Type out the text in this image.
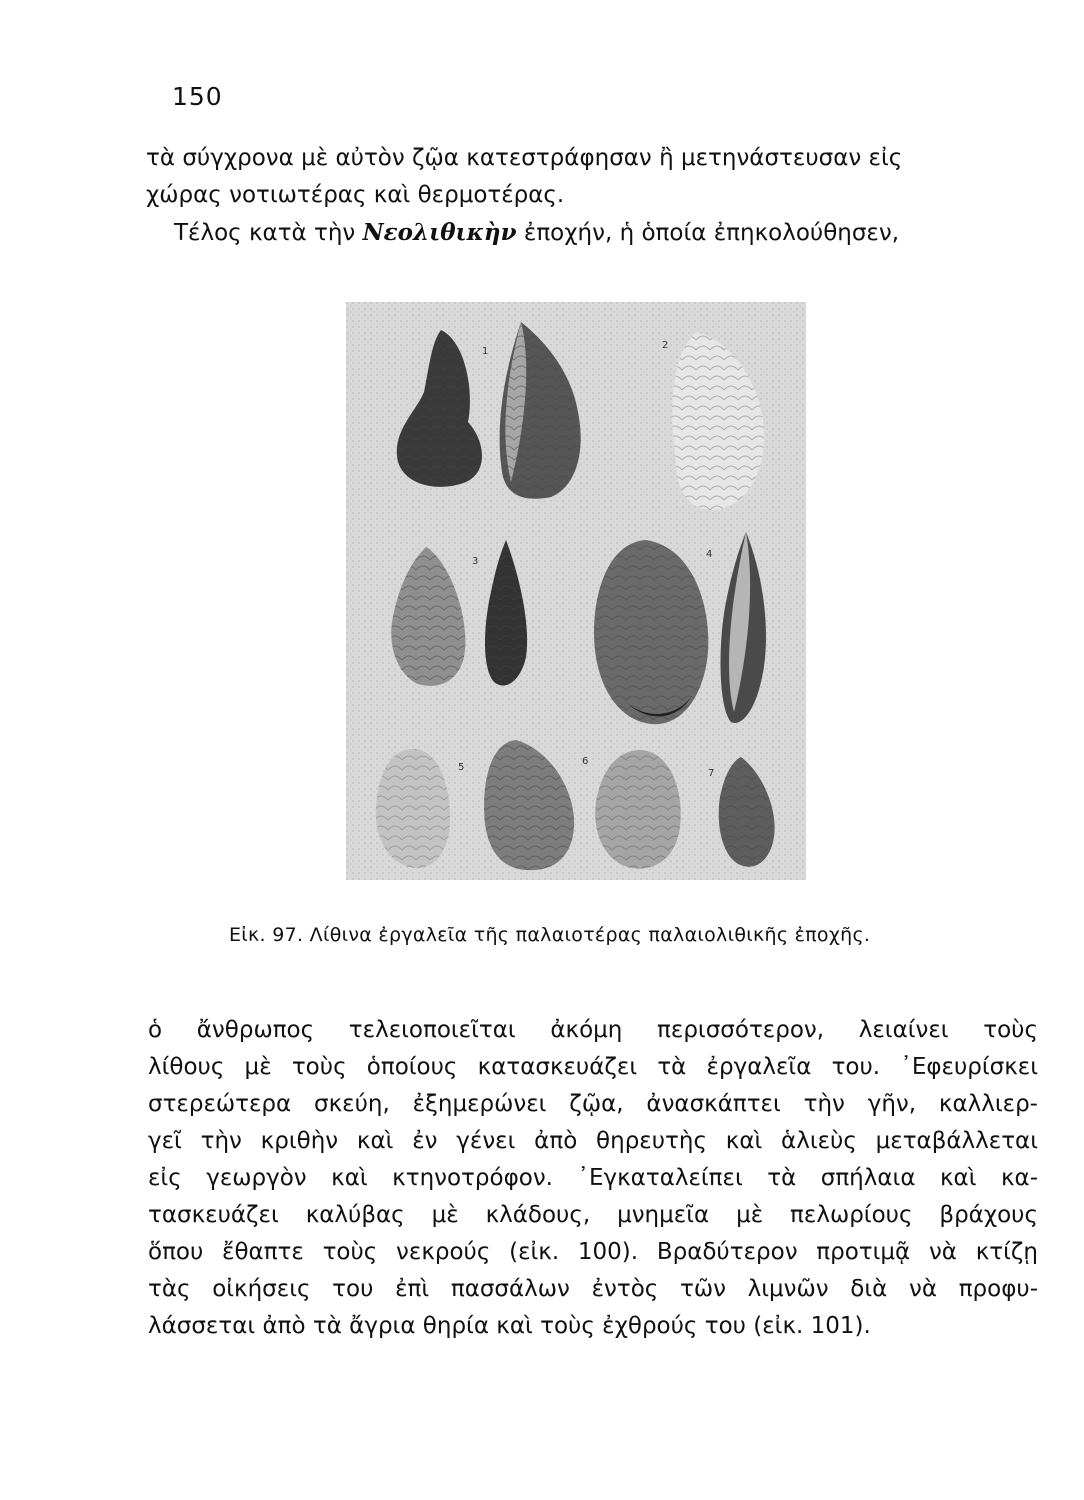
150
τὰ σύγχρονα μὲ αὐτὸν ζῷα κατεστράφησαν ἢ μετηνάστευσαν εἰς
χώρας νοτιωτέρας καὶ θερμοτέρας.
Τέλος κατὰ τὴν Νεολιθικὴν ἐποχήν, ἡ ὁποία ἐπηκολούθησεν,
1
2
3
4
5
6
7
Εἰκ. 97. Λίθινα ἐργαλεῖα τῆς παλαιοτέρας παλαιολιθικῆς ἐποχῆς.
ὁ ἄνθρωπος τελειοποιεῖται ἀκόμη περισσότερον, λειαίνει τοὺς
λίθους μὲ τοὺς ὁποίους κατασκευάζει τὰ ἐργαλεῖα του. ᾿Εφευρίσκει
στερεώτερα σκεύη, ἐξημερώνει ζῷα, ἀνασκάπτει τὴν γῆν, καλλιερ-
γεῖ τὴν κριθὴν καὶ ἐν γένει ἀπὸ θηρευτὴς καὶ ἁλιεὺς μεταβάλλεται
εἰς γεωργὸν καὶ κτηνοτρόφον. ᾿Εγκαταλείπει τὰ σπήλαια καὶ κα-
τασκευάζει καλύβας μὲ κλάδους, μνημεῖα μὲ πελωρίους βράχους
ὅπου ἔθαπτε τοὺς νεκρούς (εἰκ. 100). Βραδύτερον προτιμᾷ νὰ κτίζῃ
τὰς οἰκήσεις του ἐπὶ πασσάλων ἐντὸς τῶν λιμνῶν διὰ νὰ προφυ-
λάσσεται ἀπὸ τὰ ἄγρια θηρία καὶ τοὺς ἐχθρούς του (εἰκ. 101).
